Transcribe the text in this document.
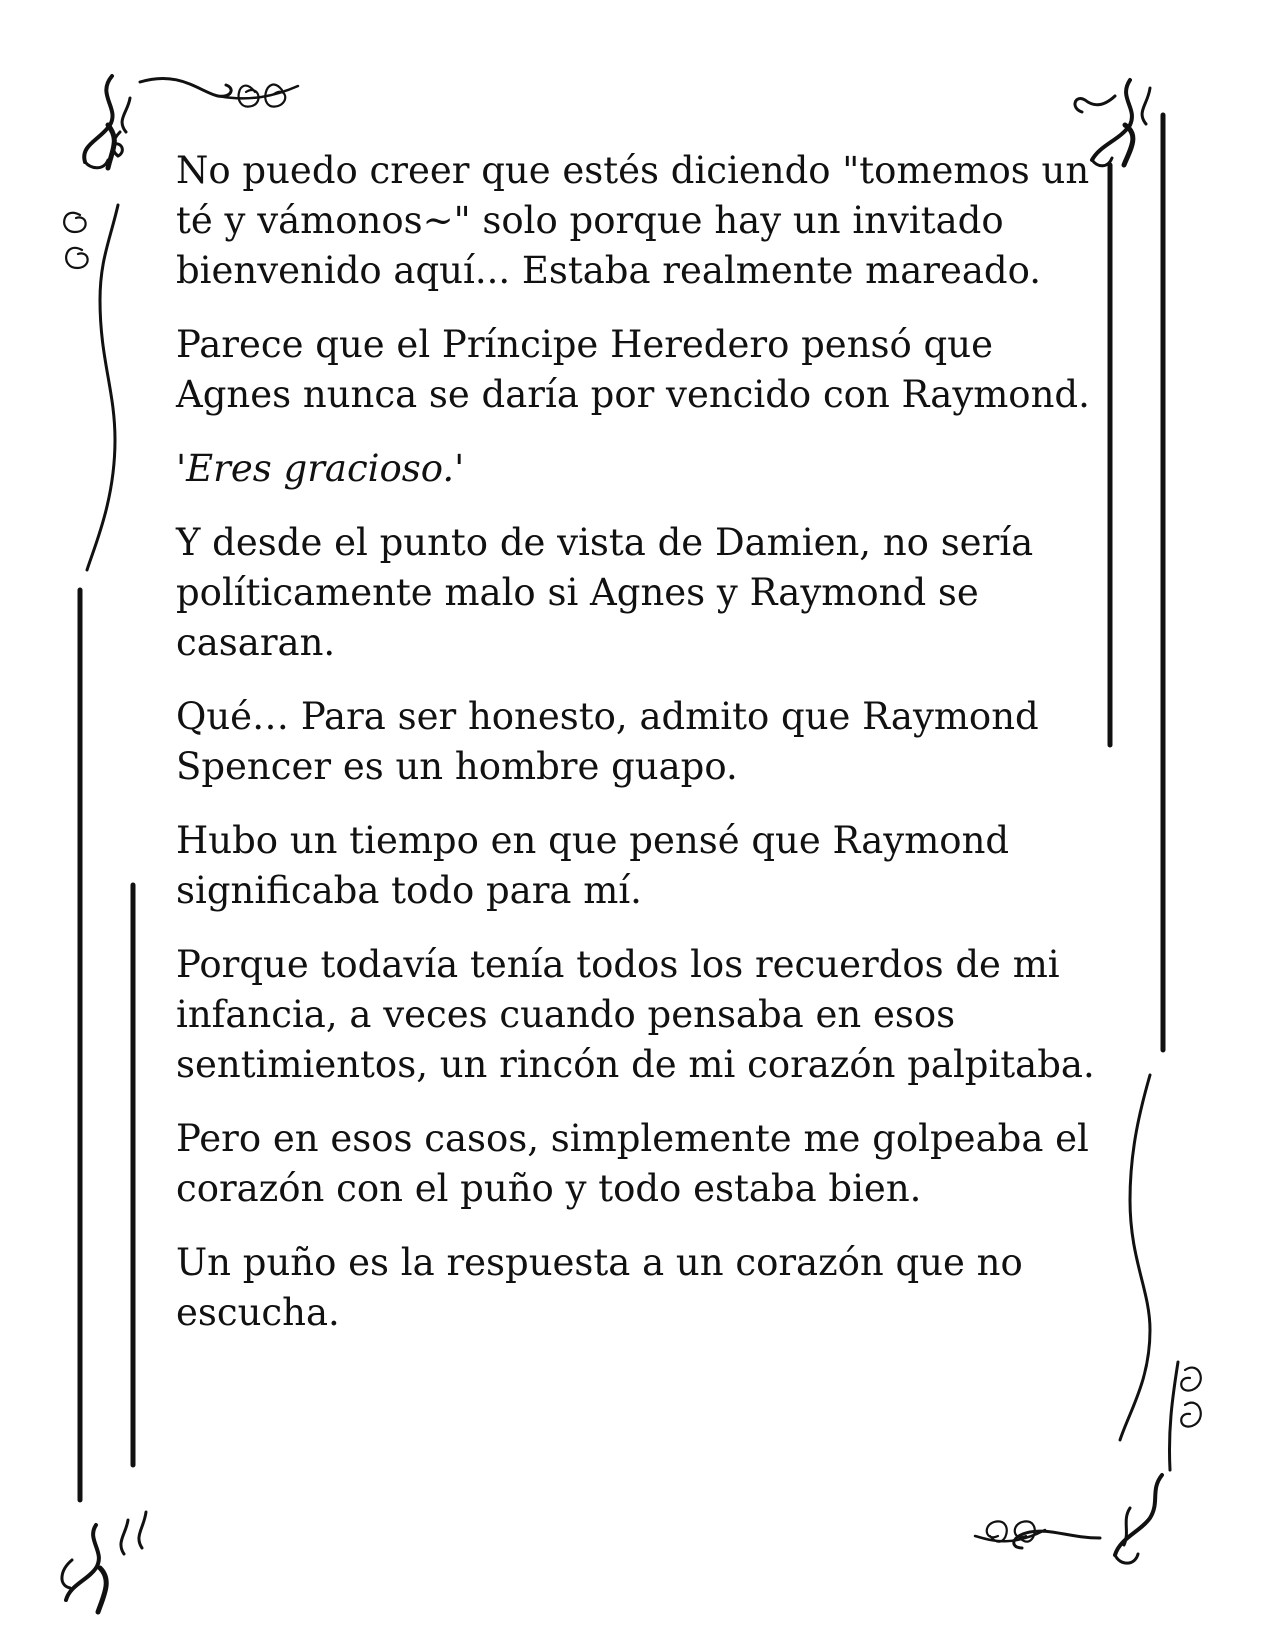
No puedo creer que estés diciendo "tomemos un té y vámonos~" solo porque hay un invitado bienvenido aquí... Estaba realmente mareado.

Parece que el Príncipe Heredero pensó que Agnes nunca se daría por vencido con Raymond.

'Eres gracioso.'

Y desde el punto de vista de Damien, no sería políticamente malo si Agnes y Raymond se casaran.

Qué… Para ser honesto, admito que Raymond Spencer es un hombre guapo.

Hubo un tiempo en que pensé que Raymond significaba todo para mí.

Porque todavía tenía todos los recuerdos de mi infancia, a veces cuando pensaba en esos sentimientos, un rincón de mi corazón palpitaba.

Pero en esos casos, simplemente me golpeaba el corazón con el puño y todo estaba bien.

Un puño es la respuesta a un corazón que no escucha.
